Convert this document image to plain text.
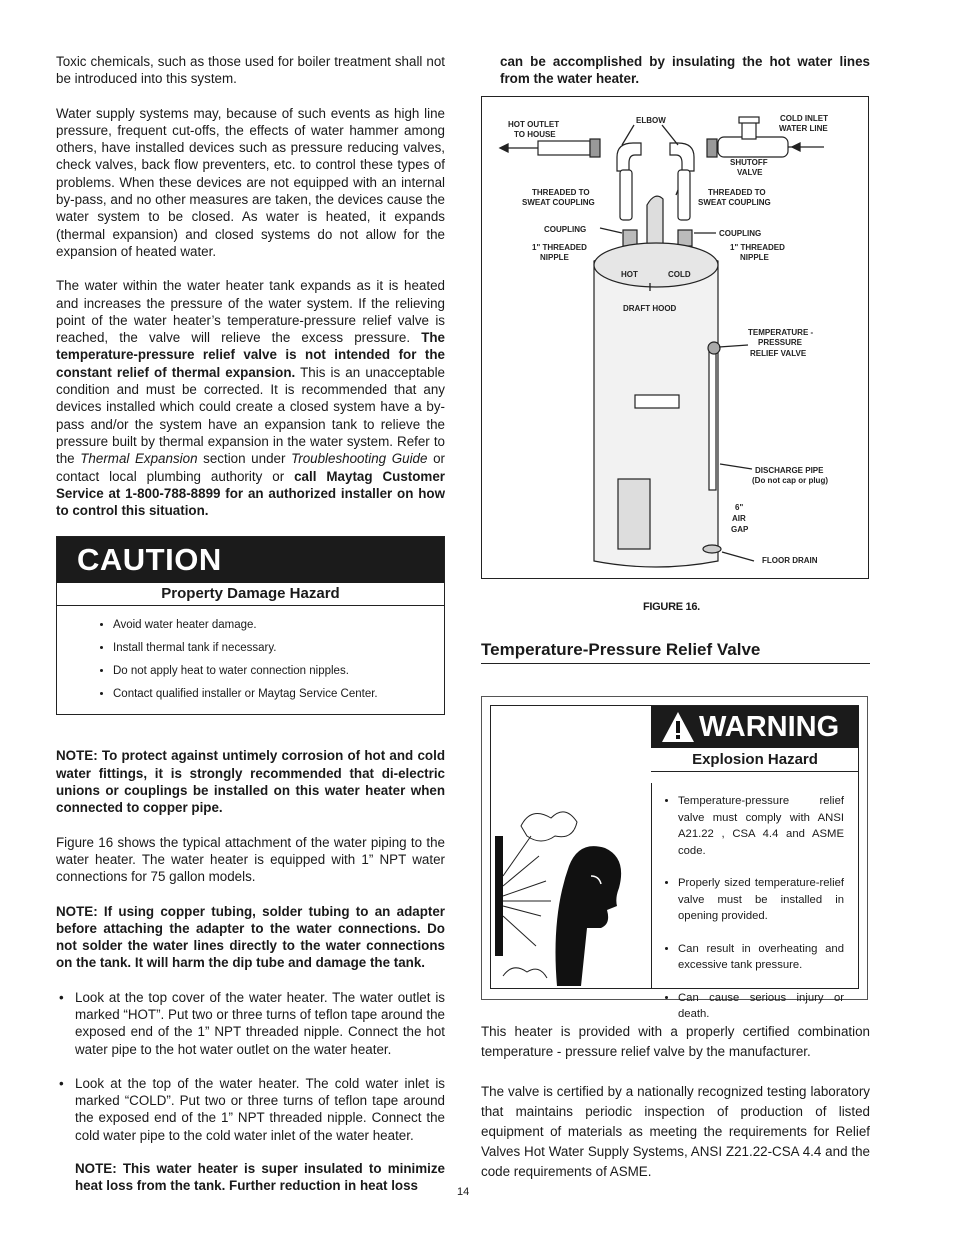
Toxic chemicals, such as those used for boiler treatment shall not be introduced into this system.

Water supply systems may, because of such events as high line pressure, frequent cut-offs, the effects of water hammer among others, have installed devices such as pressure reducing valves, check valves, back flow preventers, etc. to control these types of problems. When these devices are not equipped with an internal by-pass, and no other measures are taken, the devices cause the water system to be closed. As water is heated, it expands (thermal expansion) and closed systems do not allow for the expansion of heated water.

The water within the water heater tank expands as it is heated and increases the pressure of the water system. If the relieving point of the water heater’s temperature-pressure relief valve is reached, the valve will relieve the excess pressure. The temperature-pressure relief valve is not intended for the constant relief of thermal expansion. This is an unacceptable condition and must be corrected. It is recommended that any devices installed which could create a closed system have a by-pass and/or the system have an expansion tank to relieve the pressure built by thermal expansion in the water system. Refer to the Thermal Expansion section under Troubleshooting Guide or contact local plumbing authority or call Maytag Customer Service at 1-800-788-8899 for an authorized installer on how to control this situation.

CAUTION
Property Damage Hazard
• Avoid water heater damage.
• Install thermal tank if necessary.
• Do not apply heat to water connection nipples.
• Contact qualified installer or Maytag Service Center.

NOTE: To protect against untimely corrosion of hot and cold water fittings, it is strongly recommended that di-electric unions or couplings be installed on this water heater when connected to copper pipe.

Figure 16 shows the typical attachment of the water piping to the water heater. The water heater is equipped with 1” NPT water connections for 75 gallon models.

NOTE: If using copper tubing, solder tubing to an adapter before attaching the adapter to the water connections. Do not solder the water lines directly to the water connections on the tank. It will harm the dip tube and damage the tank.

• Look at the top cover of the water heater. The water outlet is marked “HOT”. Put two or three turns of teflon tape around the exposed end of the 1” NPT threaded nipple. Connect the hot water pipe to the hot water outlet on the water heater.
• Look at the top of the water heater. The cold water inlet is marked “COLD”. Put two or three turns of teflon tape around the exposed end of the 1” NPT threaded nipple. Connect the cold water pipe to the cold water inlet of the water heater.
NOTE: This water heater is super insulated to minimize heat loss from the tank. Further reduction in heat loss

can be accomplished by insulating the hot water lines from the water heater.

HOT OUTLET
TO HOUSE
ELBOW	COLD INLET
WATER LINE
SHUTOFF
VALVE
THREADED TO
SWEAT COUPLING
THREADED TO
SWEAT COUPLING
COUPLING	COUPLING
1" THREADED
NIPPLE
1" THREADED
NIPPLE
HOT	COLD
DRAFT HOOD
TEMPERATURE -
PRESSURE
RELIEF VALVE
DISCHARGE PIPE
(Do not cap or plug)
6"
AIR
GAP
FLOOR DRAIN
FIGURE 16.
Temperature-Pressure Relief Valve
WARNING
Explosion Hazard
• Temperature-pressure relief valve must comply with ANSI A21.22 , CSA 4.4 and ASME code.
• Properly sized temperature-relief valve must be installed in opening provided.
• Can result in overheating and excessive tank pressure.
• Can cause serious injury or death.

This heater is provided with a properly certified combination temperature - pressure relief valve by the manufacturer.

The valve is certified by a nationally recognized testing laboratory that maintains periodic inspection of production of listed equipment of materials as meeting the requirements for Relief Valves Hot Water Supply Systems, ANSI Z21.22-CSA 4.4 and the code requirements of ASME.

14
